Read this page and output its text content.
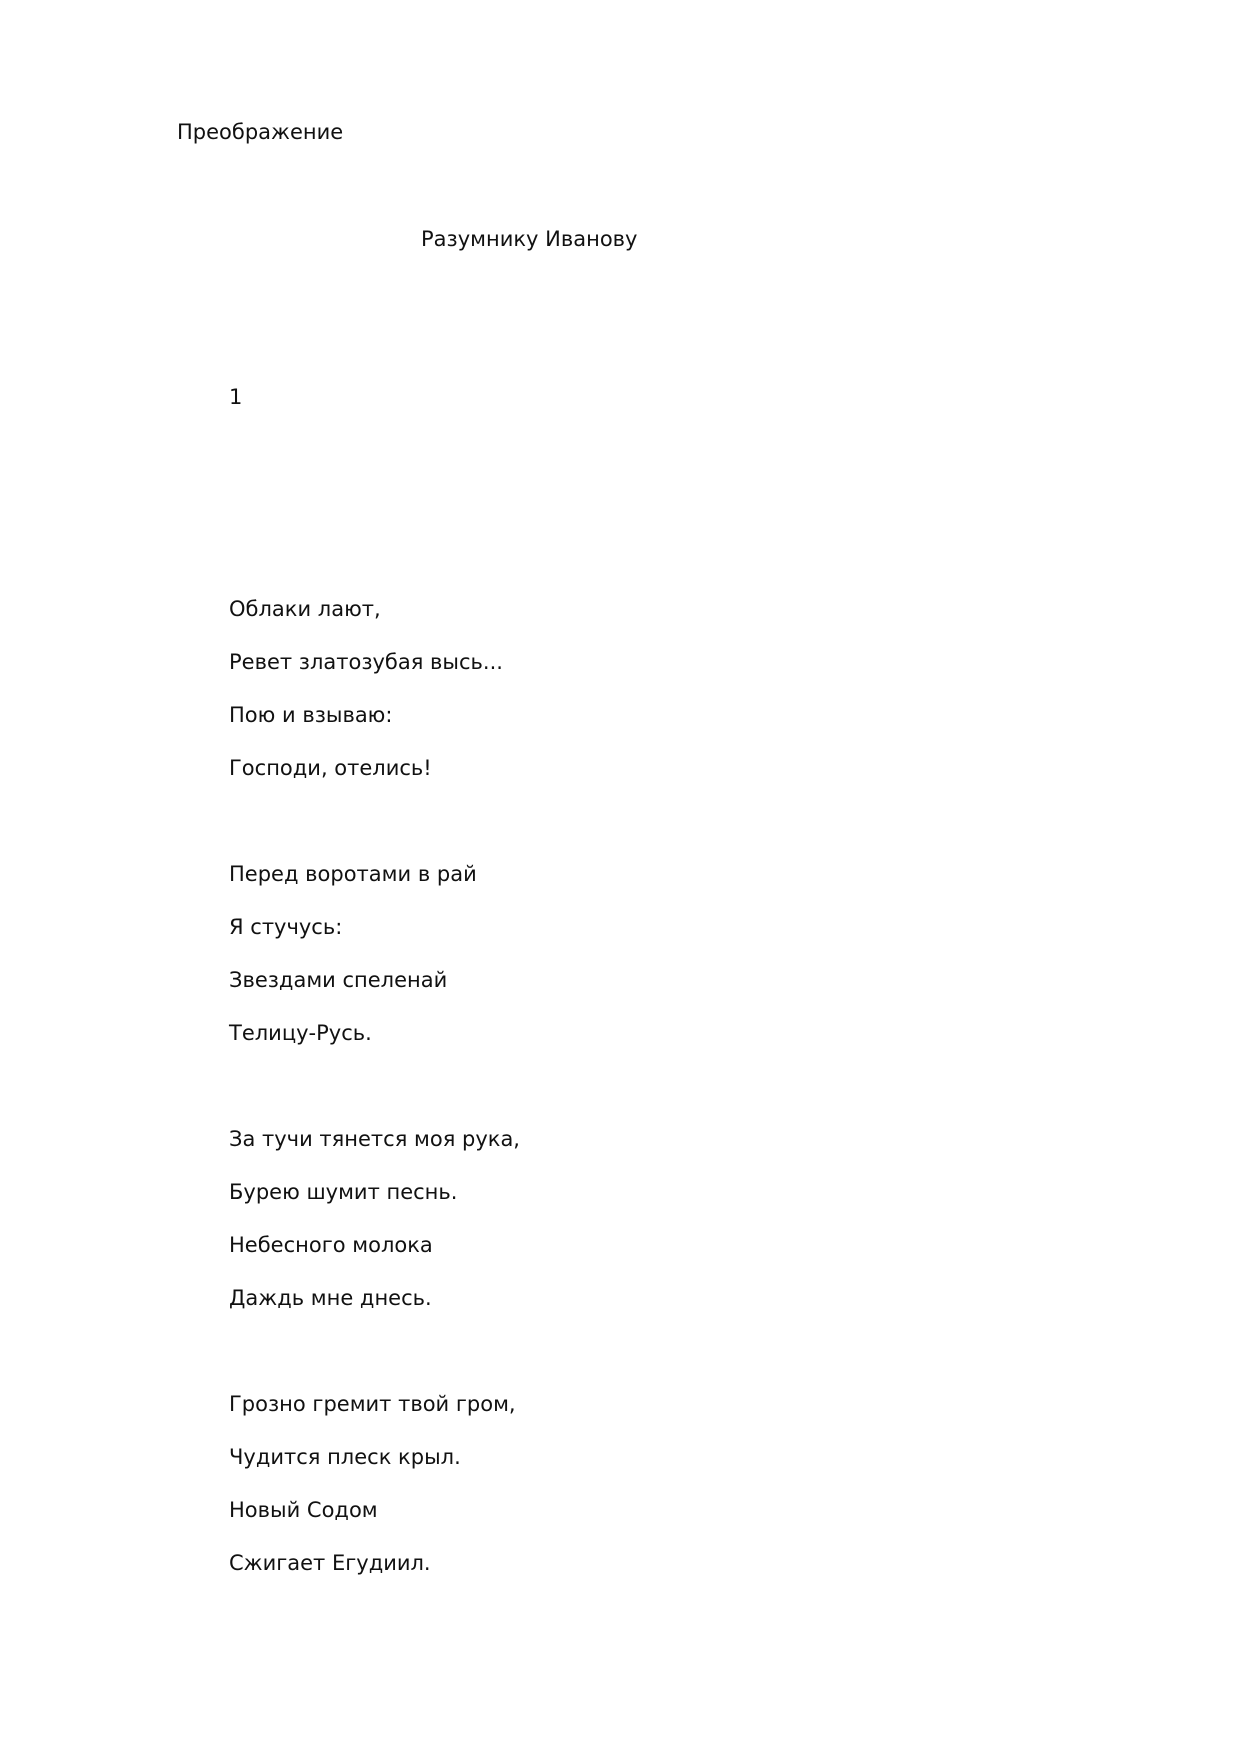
Преображение
Разумнику Иванову
1
Облаки лают,
Ревет златозубая высь...
Пою и взываю:
Господи, отелись!
Перед воротами в рай
Я стучусь:
Звездами спеленай
Телицу-Русь.
За тучи тянется моя рука,
Бурею шумит песнь.
Небесного молока
Даждь мне днесь.
Грозно гремит твой гром,
Чудится плеск крыл.
Новый Содом
Сжигает Егудиил.
